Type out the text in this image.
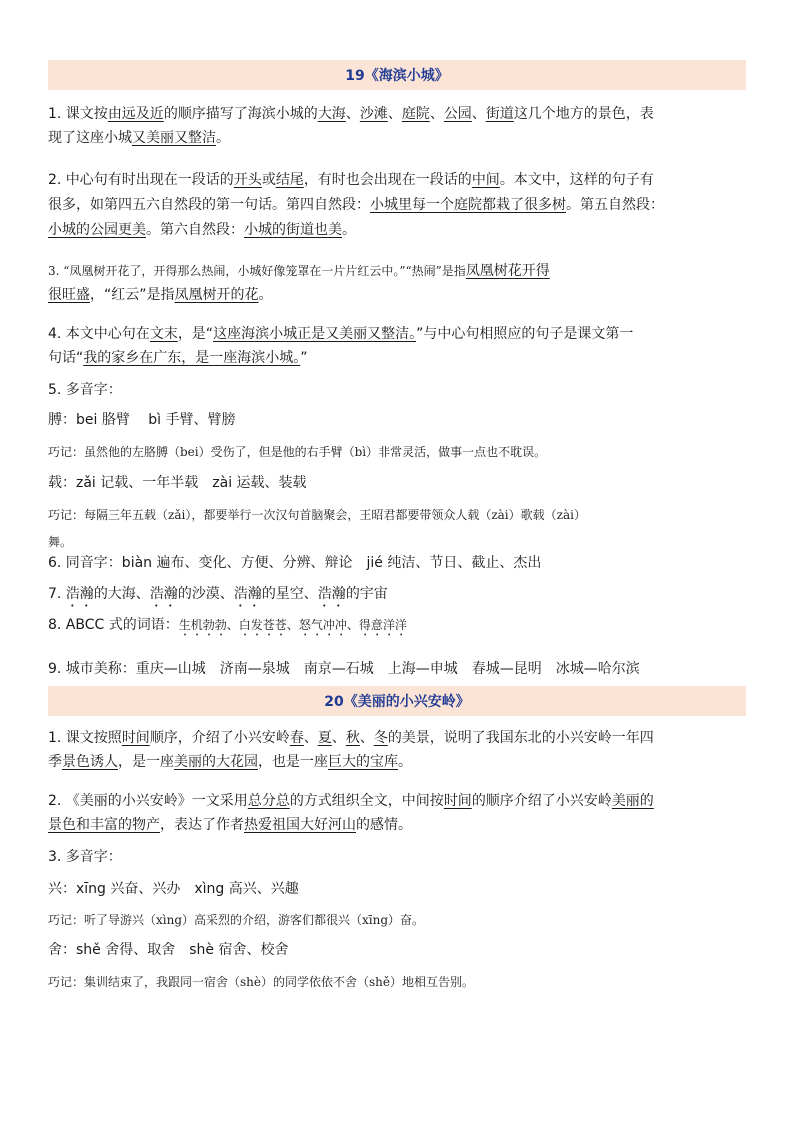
19《海滨小城》
1. 课文按由远及近的顺序描写了海滨小城的大海、沙滩、庭院、公园、街道这几个地方的景色，表
现了这座小城又美丽又整洁。
2. 中心句有时出现在一段话的开头或结尾，有时也会出现在一段话的中间。本文中，这样的句子有
很多，如第四五六自然段的第一句话。第四自然段：小城里每一个庭院都栽了很多树。第五自然段：
小城的公园更美。第六自然段：小城的街道也美。
3. “凤凰树开花了，开得那么热闹，小城好像笼罩在一片片红云中。”“热闹”是指凤凰树花开得
很旺盛，“红云”是指凤凰树开的花。
4. 本文中心句在文末，是“这座海滨小城正是又美丽又整洁。”与中心句相照应的句子是课文第一
句话“我的家乡在广东，是一座海滨小城。”
5. 多音字：
膊：bei 胳臂　 bì 手臂、臂膀
巧记：虽然他的左胳膊（bei）受伤了，但是他的右手臂（bì）非常灵活，做事一点也不耽误。
载：zǎi 记载、一年半载　zài 运载、装载
巧记：每隔三年五载（zǎi），都要举行一次汉句首脑聚会，王昭君都要带领众人载（zài）歌载（zài）
舞。
6. 同音字：biàn 遍布、变化、方便、分辨、辩论　jié 纯洁、节日、截止、杰出
7. 浩瀚的大海、浩瀚的沙漠、浩瀚的星空、浩瀚的宇宙
8. ABCC 式的词语：生机勃勃、白发苍苍、怒气冲冲、得意洋洋
9. 城市美称：重庆—山城　济南—泉城　南京—石城　上海—申城　春城—昆明　冰城—哈尔滨
20《美丽的小兴安岭》
1. 课文按照时间顺序，介绍了小兴安岭春、夏、秋、冬的美景，说明了我国东北的小兴安岭一年四
季景色诱人，是一座美丽的大花园，也是一座巨大的宝库。
2. 《美丽的小兴安岭》一文采用总分总的方式组织全文，中间按时间的顺序介绍了小兴安岭美丽的
景色和丰富的物产，表达了作者热爱祖国大好河山的感情。
3. 多音字：
兴：xīng 兴奋、兴办　xìng 高兴、兴趣
巧记：听了导游兴（xìng）高采烈的介绍，游客们都很兴（xīng）奋。
舍：shě 舍得、取舍　shè 宿舍、校舍
巧记：集训结束了，我跟同一宿舍（shè）的同学依依不舍（shě）地相互告别。
